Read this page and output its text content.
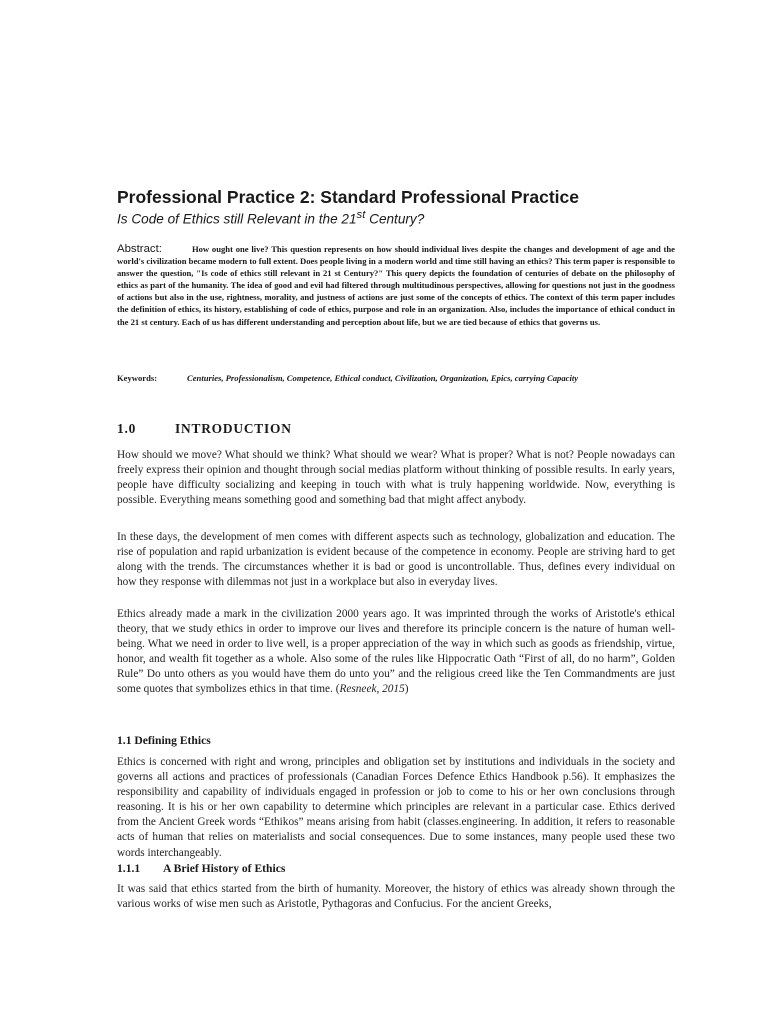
Professional Practice 2: Standard Professional Practice
Is Code of Ethics still Relevant in the 21st Century?

Abstract:	How ought one live? This question represents on how should individual lives despite the changes and development of age and the world's civilization became modern to full extent. Does people living in a modern world and time still having an ethics? This term paper is responsible to answer the question, "Is code of ethics still relevant in 21 st Century?" This query depicts the foundation of centuries of debate on the philosophy of ethics as part of the humanity. The idea of good and evil had filtered through multitudinous perspectives, allowing for questions not just in the goodness of actions but also in the use, rightness, morality, and justness of actions are just some of the concepts of ethics. The context of this term paper includes the definition of ethics, its history, establishing of code of ethics, purpose and role in an organization. Also, includes the importance of ethical conduct in the 21 st century. Each of us has different understanding and perception about life, but we are tied because of ethics that governs us.

Keywords:	Centuries, Professionalism, Competence, Ethical conduct, Civilization, Organization, Epics, carrying Capacity

1.0	INTRODUCTION

How should we move? What should we think? What should we wear? What is proper? What is not? People nowadays can freely express their opinion and thought through social medias platform without thinking of possible results. In early years, people have difficulty socializing and keeping in touch with what is truly happening worldwide. Now, everything is possible. Everything means something good and something bad that might affect anybody.

In these days, the development of men comes with different aspects such as technology, globalization and education. The rise of population and rapid urbanization is evident because of the competence in economy. People are striving hard to get along with the trends. The circumstances whether it is bad or good is uncontrollable. Thus, defines every individual on how they response with dilemmas not just in a workplace but also in everyday lives.

Ethics already made a mark in the civilization 2000 years ago. It was imprinted through the works of Aristotle's ethical theory, that we study ethics in order to improve our lives and therefore its principle concern is the nature of human well-being. What we need in order to live well, is a proper appreciation of the way in which such as goods as friendship, virtue, honor, and wealth fit together as a whole. Also some of the rules like Hippocratic Oath “First of all, do no harm”, Golden Rule” Do unto others as you would have them do unto you” and the religious creed like the Ten Commandments are just some quotes that symbolizes ethics in that time. (Resneek, 2015)

1.1 Defining Ethics

Ethics is concerned with right and wrong, principles and obligation set by institutions and individuals in the society and governs all actions and practices of professionals (Canadian Forces Defence Ethics Handbook p.56). It emphasizes the responsibility and capability of individuals engaged in profession or job to come to his or her own conclusions through reasoning. It is his or her own capability to determine which principles are relevant in a particular case. Ethics derived from the Ancient Greek words “Ethikos” means arising from habit (classes.engineering. In addition, it refers to reasonable acts of human that relies on materialists and social consequences. Due to some instances, many people used these two words interchangeably.

1.1.1 A Brief History of Ethics

It was said that ethics started from the birth of humanity. Moreover, the history of ethics was already shown through the various works of wise men such as Aristotle, Pythagoras and Confucius. For the ancient Greeks,
